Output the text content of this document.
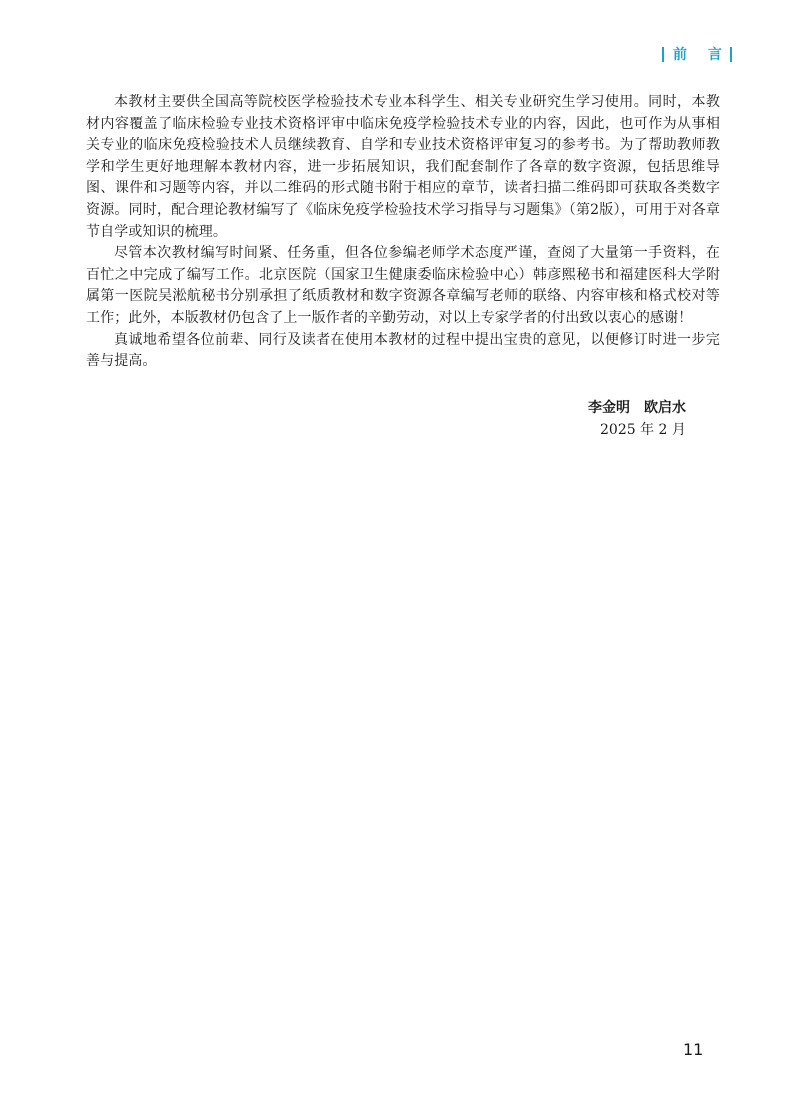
前 言

本教材主要供全国高等院校医学检验技术专业本科学生、相关专业研究生学习使用。同时，本教材内容覆盖了临床检验专业技术资格评审中临床免疫学检验技术专业的内容，因此，也可作为从事相关专业的临床免疫检验技术人员继续教育、自学和专业技术资格评审复习的参考书。为了帮助教师教学和学生更好地理解本教材内容，进一步拓展知识，我们配套制作了各章的数字资源，包括思维导图、课件和习题等内容，并以二维码的形式随书附于相应的章节，读者扫描二维码即可获取各类数字资源。同时，配合理论教材编写了《临床免疫学检验技术学习指导与习题集》（第2版），可用于对各章节自学或知识的梳理。

尽管本次教材编写时间紧、任务重，但各位参编老师学术态度严谨，查阅了大量第一手资料，在百忙之中完成了编写工作。北京医院（国家卫生健康委临床检验中心）韩彦熙秘书和福建医科大学附属第一医院吴淞航秘书分别承担了纸质教材和数字资源各章编写老师的联络、内容审核和格式校对等工作；此外，本版教材仍包含了上一版作者的辛勤劳动，对以上专家学者的付出致以衷心的感谢！

真诚地希望各位前辈、同行及读者在使用本教材的过程中提出宝贵的意见，以便修订时进一步完善与提高。

李金明　欧启水
2025 年 2 月
11
